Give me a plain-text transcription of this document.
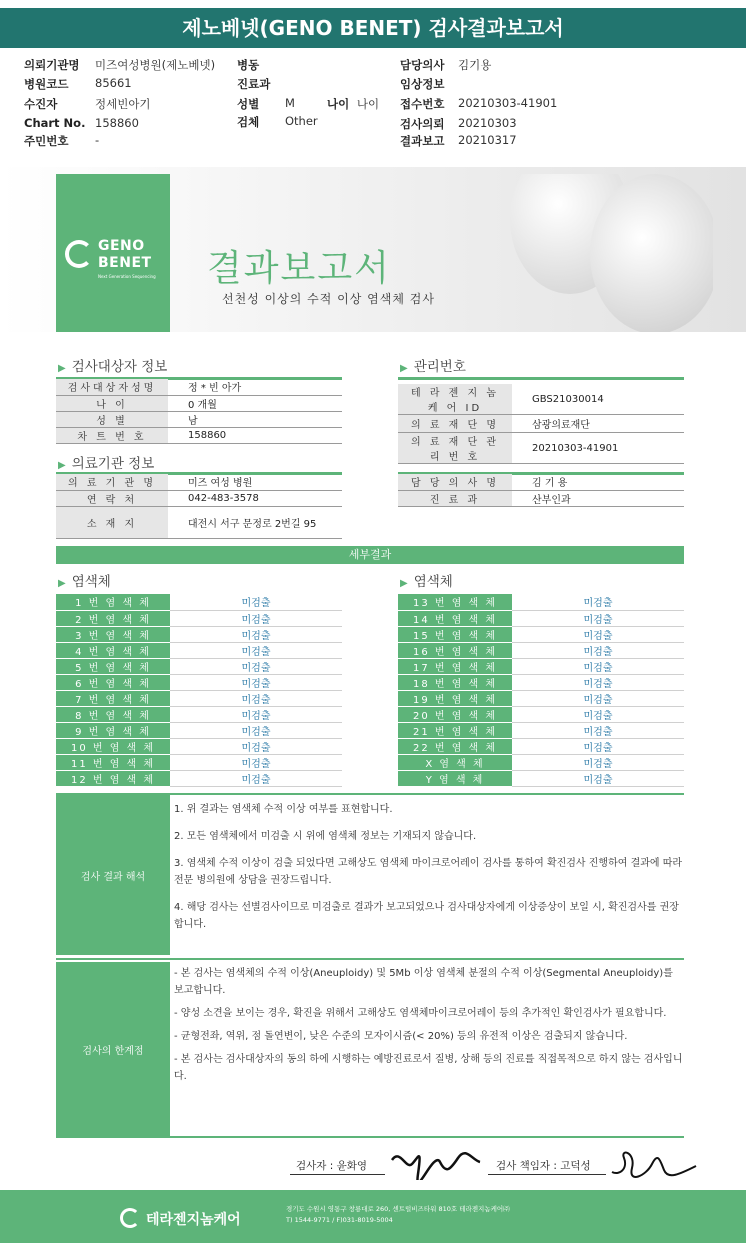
제노베넷(GENO BENET) 검사결과보고서
의뢰기관명 미즈여성병원(제노베넷)
병원코드 85661
수진자	정세빈아기
Chart No. 158860
주민번호 -
병동
진료과
성별 M
검체 Other
담당의사 김기용
임상정보
접수번호 20210303-41901
검사의뢰 20210303
결과보고 20210317
나이 나이
GENO
BENET
Next Generation Sequencing 결과보고서
선천성 이상의 수적 이상 염색체 검사
▶ 검사대상자 정보
검사대상자성명	정 * 빈 아가
나 이	0 개월
성 별	남
차 트 번 호	158860
▶ 관리번호
테 라 젠 지 놈 케 어 ID	GBS21030014
의 료 재 단 명	삼광의료재단
의 료 재 단 관 리 번 호	20210303-41901
▶ 의료기관 정보
의 료 기 관 명	미즈 여성 병원
연 락 처	042-483-3578
소 재 지	대전시 서구 문정로 2번길 95
담 당 의 사 명	김 기 용
진 료 과	산부인과
세부결과
▶ 염색체	▶ 염색체
1 번 염 색 체	미검출
2 번 염 색 체	미검출
3 번 염 색 체	미검출
4 번 염 색 체	미검출
5 번 염 색 체	미검출
6 번 염 색 체	미검출
7 번 염 색 체	미검출
8 번 염 색 체	미검출
9 번 염 색 체	미검출
10 번 염 색 체	미검출
11 번 염 색 체	미검출
12 번 염 색 체	미검출
13 번 염 색 체	미검출
14 번 염 색 체	미검출
15 번 염 색 체	미검출
16 번 염 색 체	미검출
17 번 염 색 체	미검출
18 번 염 색 체	미검출
19 번 염 색 체	미검출
20 번 염 색 체	미검출
21 번 염 색 체	미검출
22 번 염 색 체	미검출
X 염 색 체	미검출
Y 염 색 체	미검출
검사 결과 해석

1. 위 결과는 염색체 수적 이상 여부를 표현합니다.

2. 모든 염색체에서 미검출 시 위에 염색체 정보는 기재되지 않습니다.

3. 염색체 수적 이상이 검출 되었다면 고해상도 염색체 마이크로어레이 검사를 통하여 확진검사 진행하여 결과에 따라 전문 병의원에 상담을 권장드립니다.

4. 해당 검사는 선별검사이므로 미검출로 결과가 보고되었으나 검사대상자에게 이상증상이 보일 시, 확진검사를 권장합니다.

검사의 한계점

- 본 검사는 염색체의 수적 이상(Aneuploidy) 및 5Mb 이상 염색체 분절의 수적 이상(Segmental Aneuploidy)를 보고합니다.

- 양성 소견을 보이는 경우, 확진을 위해서 고해상도 염색체마이크로어레이 등의 추가적인 확인검사가 필요합니다.

- 균형전좌, 역위, 점 돌연변이, 낮은 수준의 모자이시즘(< 20%) 등의 유전적 이상은 검출되지 않습니다.

- 본 검사는 검사대상자의 동의 하에 시행하는 예방진료로서 질병, 상해 등의 진료를 직접목적으로 하지 않는 검사입니다.

검사자 : 윤화영	검사 책임자 : 고덕성
테라젠지놈케어
경기도 수원시 영통구 창룡대로 260, 센트럴비즈타워 810호 테라젠지놈케어㈜
T) 1544-9771 / F)031-8019-5004
